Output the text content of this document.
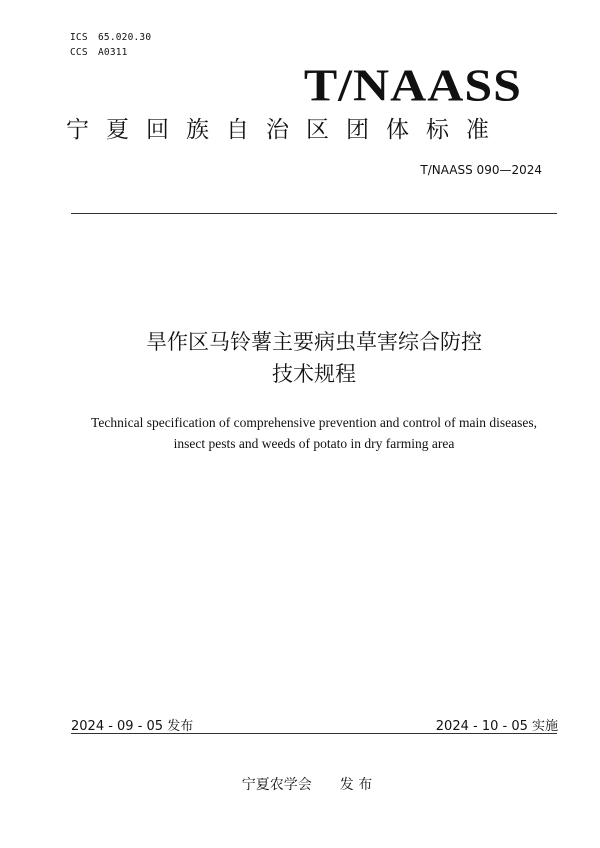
ICS 65.020.30
CCS A0311
T/NAASS
宁夏回族自治区团体标准
T/NAASS 090—2024
旱作区马铃薯主要病虫草害综合防控
技术规程
Technical specification of comprehensive prevention and control of main diseases,
insect pests and weeds of potato in dry farming area
2024 - 09 - 05 发布	2024 - 10 - 05 实施
宁夏农学会 发 布
